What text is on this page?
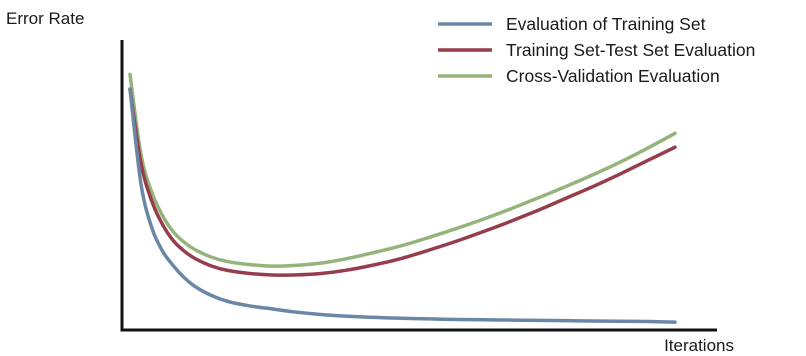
Error Rate
Iterations
Evaluation of Training Set
Training Set-Test Set Evaluation
Cross-Validation Evaluation
